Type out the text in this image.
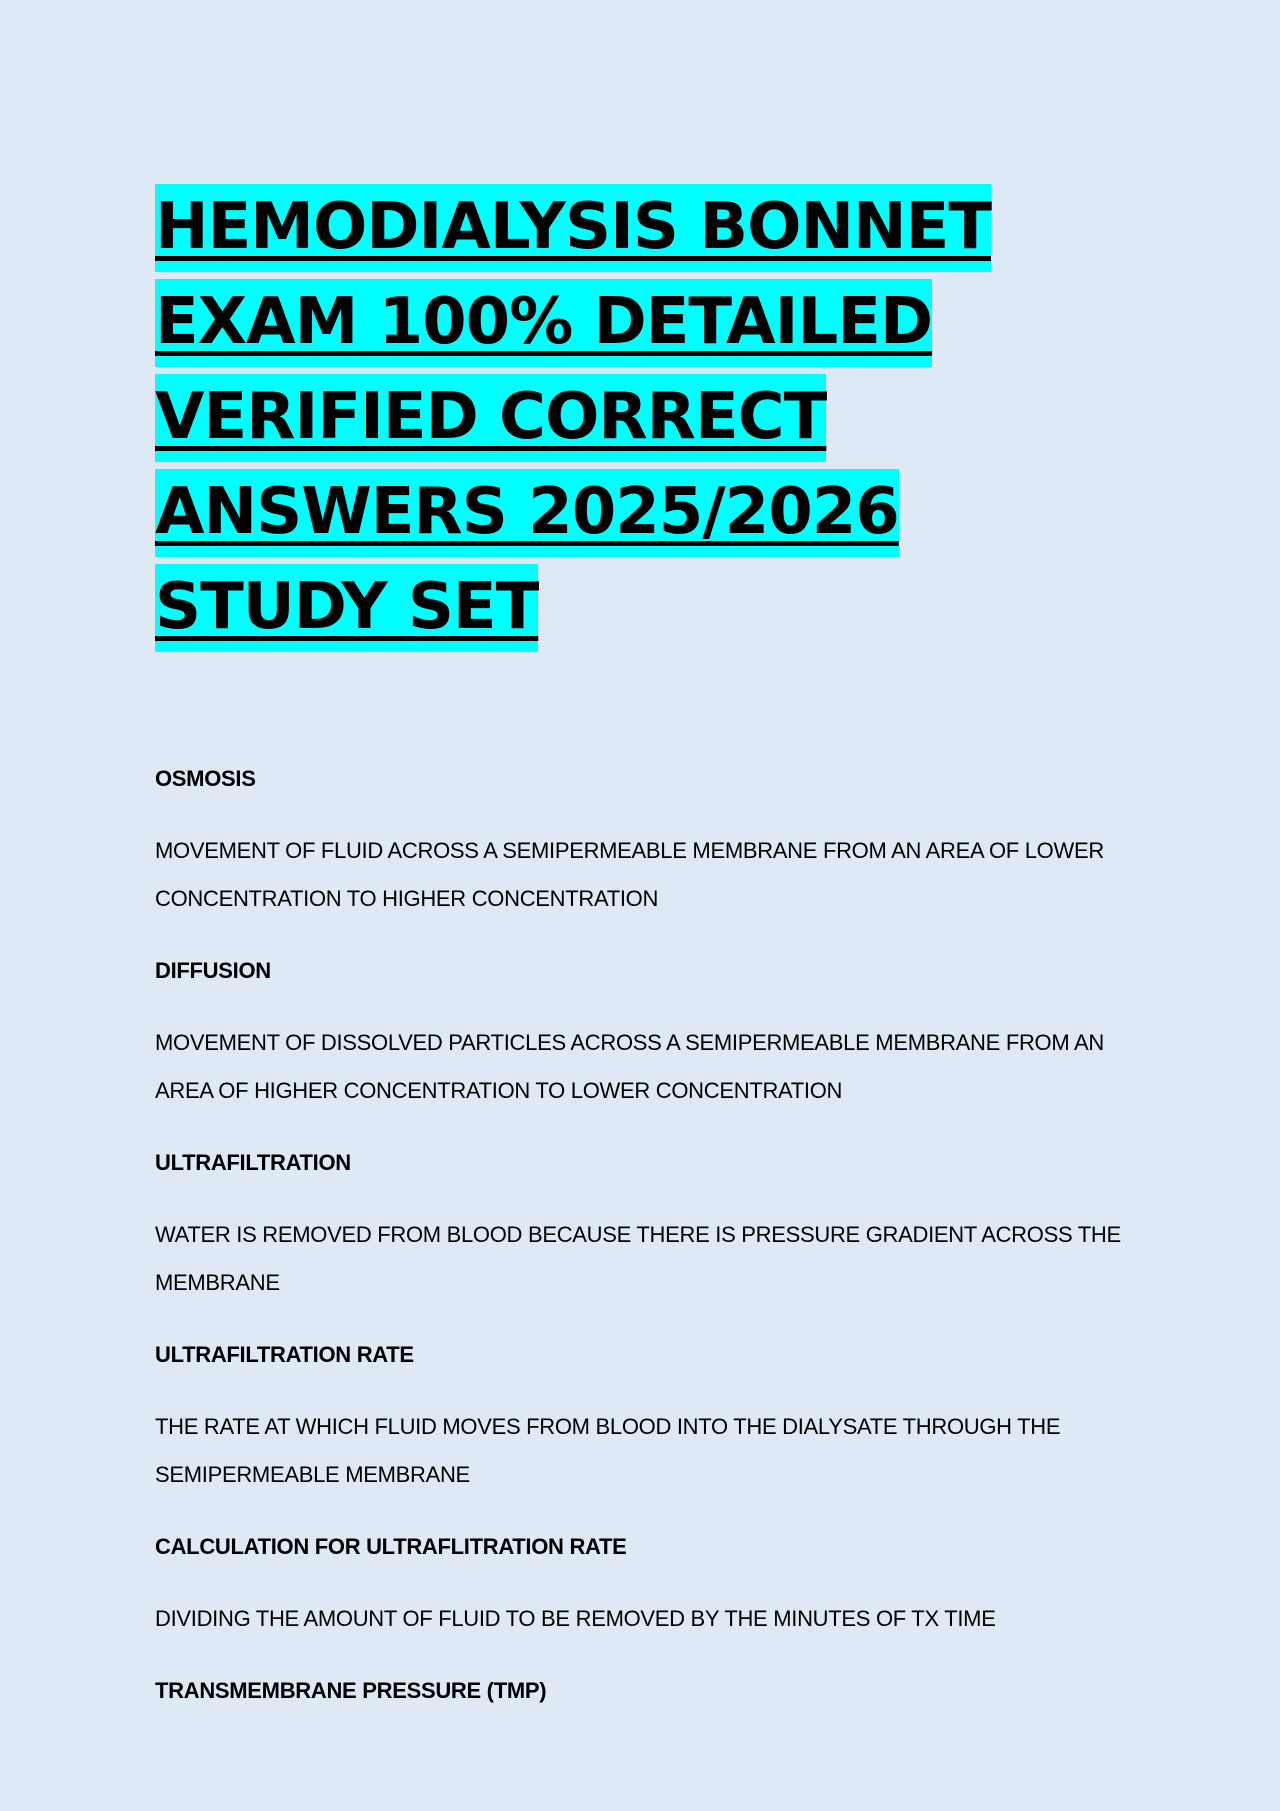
HEMODIALYSIS BONNET EXAM 100% DETAILED VERIFIED CORRECT ANSWERS 2025/2026 STUDY SET

OSMOSIS

MOVEMENT OF FLUID ACROSS A SEMIPERMEABLE MEMBRANE FROM AN AREA OF LOWER CONCENTRATION TO HIGHER CONCENTRATION

DIFFUSION

MOVEMENT OF DISSOLVED PARTICLES ACROSS A SEMIPERMEABLE MEMBRANE FROM AN AREA OF HIGHER CONCENTRATION TO LOWER CONCENTRATION

ULTRAFILTRATION

WATER IS REMOVED FROM BLOOD BECAUSE THERE IS PRESSURE GRADIENT ACROSS THE MEMBRANE

ULTRAFILTRATION RATE

THE RATE AT WHICH FLUID MOVES FROM BLOOD INTO THE DIALYSATE THROUGH THE SEMIPERMEABLE MEMBRANE

CALCULATION FOR ULTRAFLITRATION RATE

DIVIDING THE AMOUNT OF FLUID TO BE REMOVED BY THE MINUTES OF TX TIME

TRANSMEMBRANE PRESSURE (TMP)
